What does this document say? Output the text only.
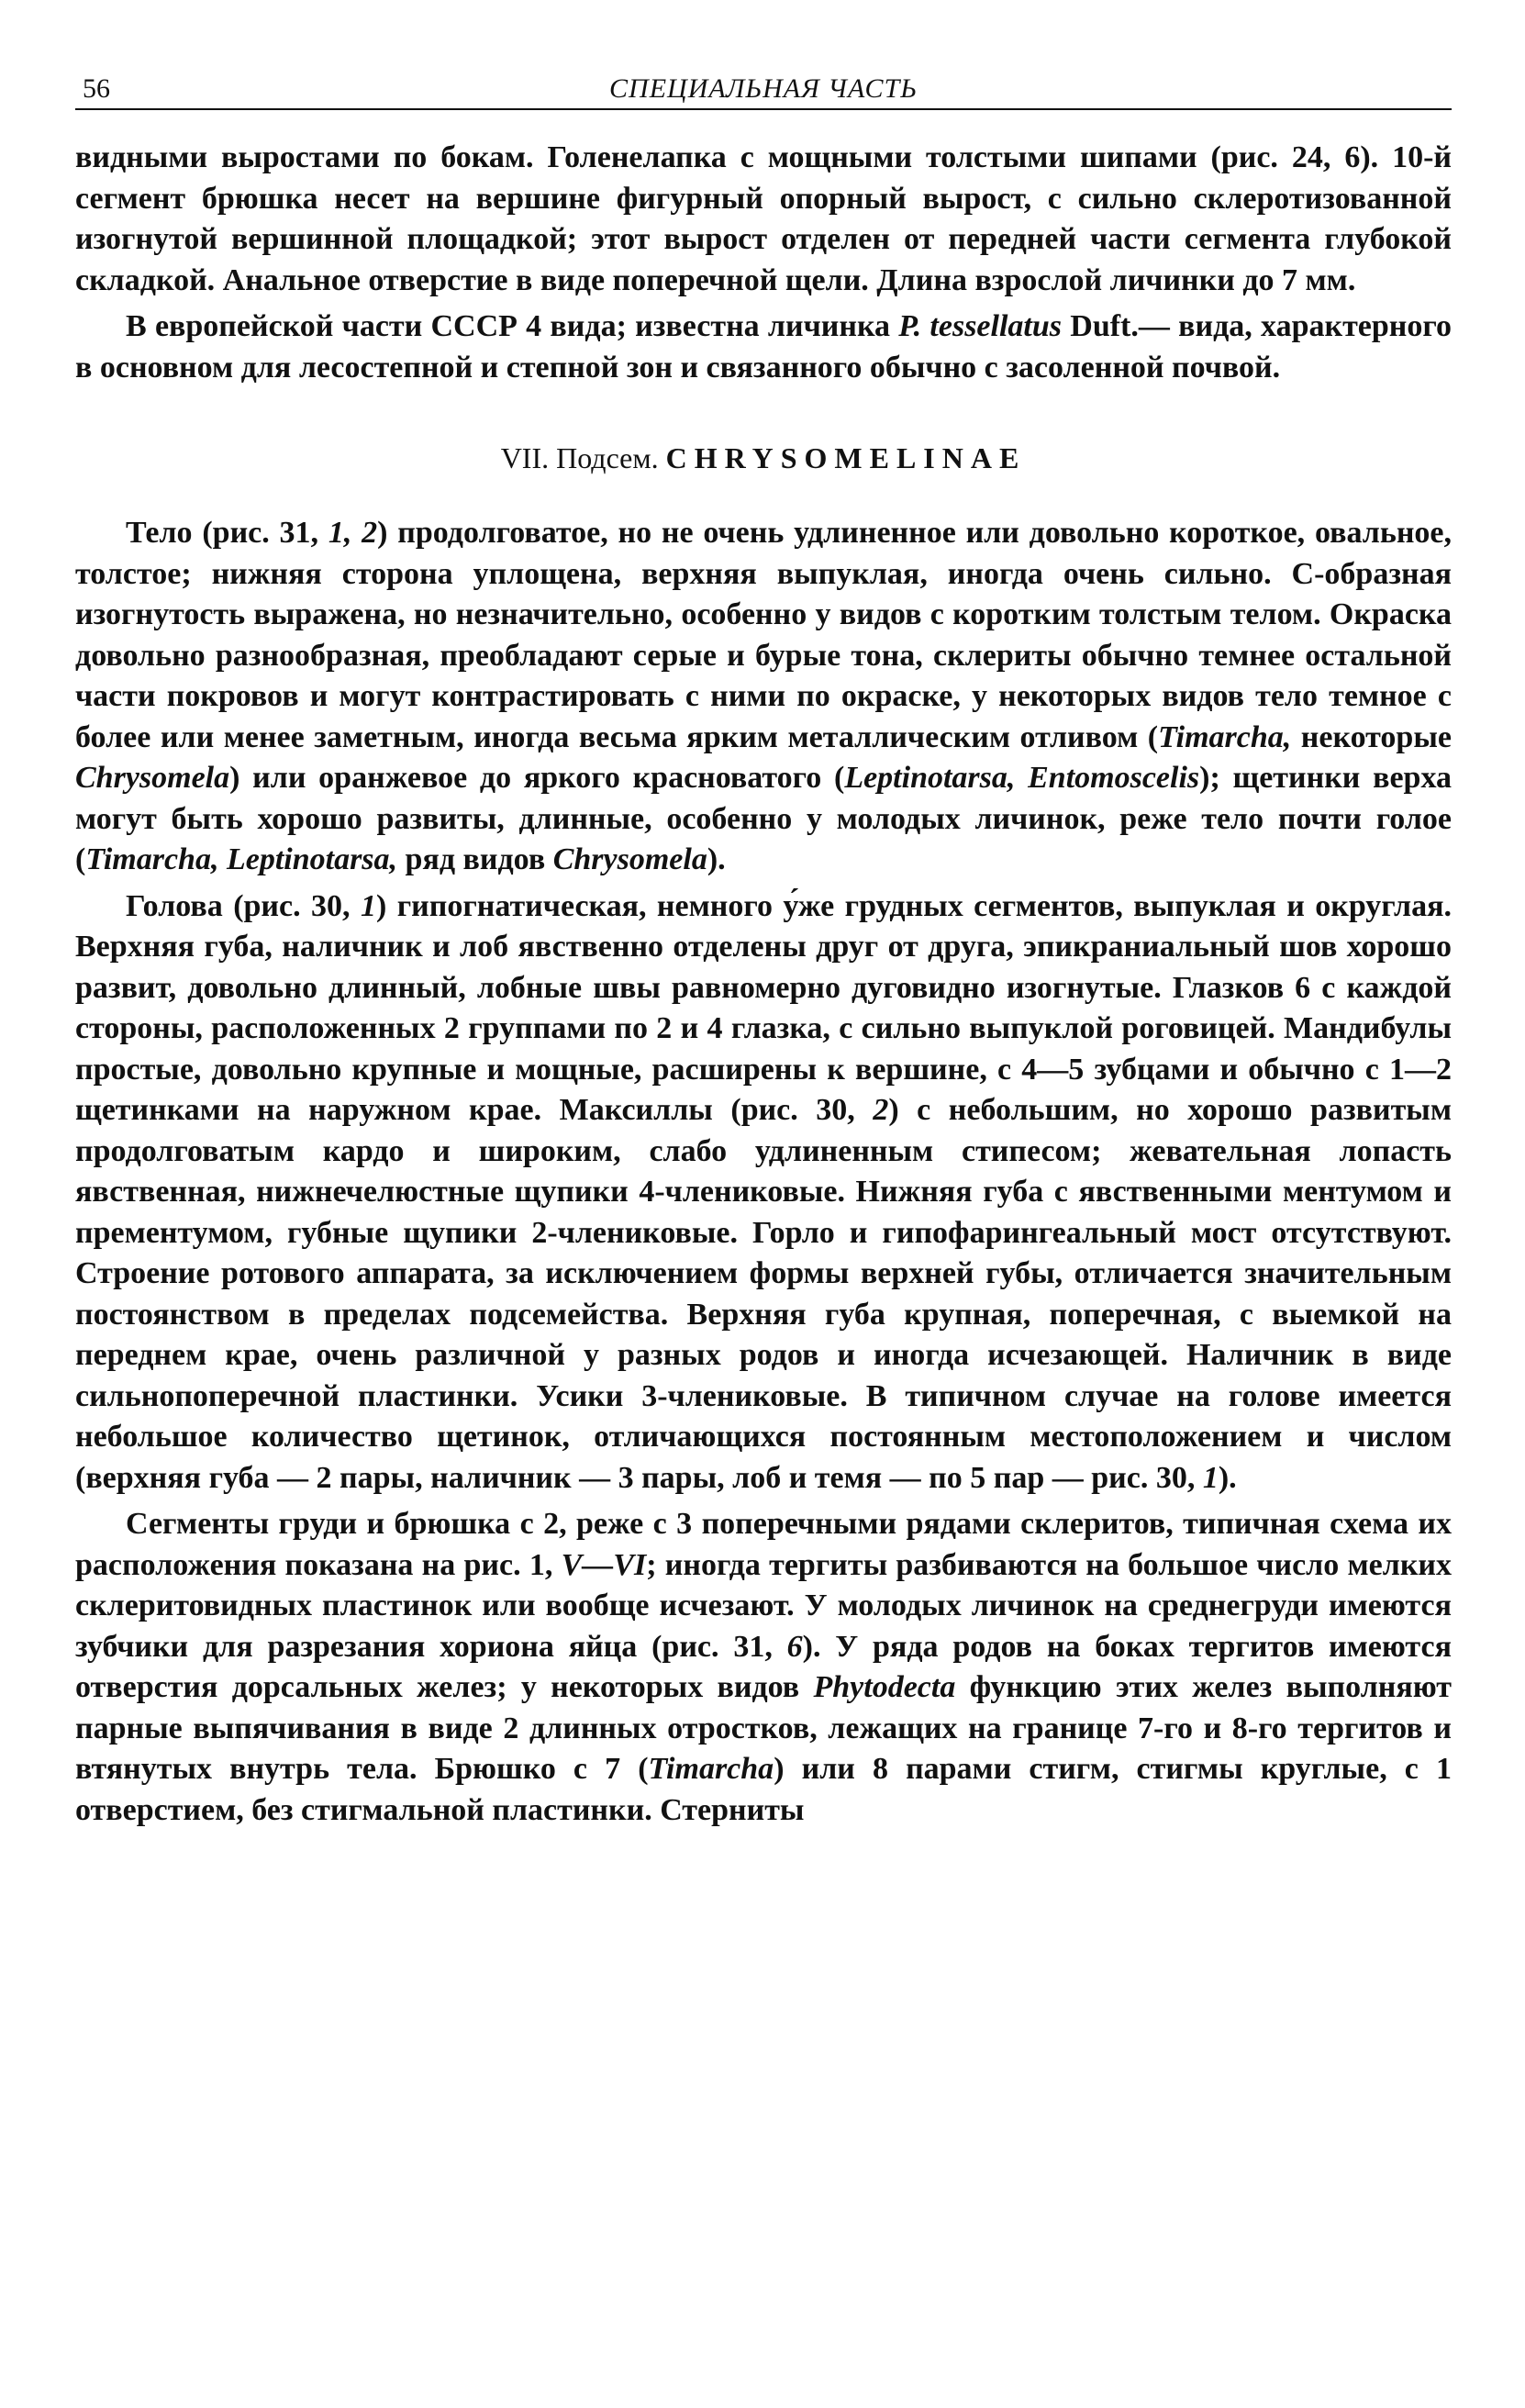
56	СПЕЦИАЛЬНАЯ ЧАСТЬ

видными выростами по бокам. Голенелапка с мощными толстыми шипами (рис. 24, 6). 10-й сегмент брюшка несет на вершине фигурный опорный вырост, с сильно склеротизованной изогнутой вершинной площадкой; этот вырост отделен от передней части сегмента глубокой складкой. Анальное отверстие в виде поперечной щели. Длина взрослой личинки до 7 мм.

В европейской части СССР 4 вида; известна личинка P. tessellatus Duft.— вида, характерного в основном для лесостепной и степной зон и связанного обычно с засоленной почвой.

VII. Подсем. CHRYSOMELINAE

Тело (рис. 31, 1, 2) продолговатое, но не очень удлиненное или довольно короткое, овальное, толстое; нижняя сторона уплощена, верхняя выпуклая, иногда очень сильно. С-образная изогнутость выражена, но незначительно, особенно у видов с коротким толстым телом. Окраска довольно разнообразная, преобладают серые и бурые тона, склериты обычно темнее остальной части покровов и могут контрастировать с ними по окраске, у некоторых видов тело темное с более или менее заметным, иногда весьма ярким металлическим отливом (Timarcha, некоторые Chrysomela) или оранжевое до яркого красноватого (Leptinotarsa, Entomoscelis); щетинки верха могут быть хорошо развиты, длинные, особенно у молодых личинок, реже тело почти голое (Timarcha, Leptinotarsa, ряд видов Chrysomela).

Голова (рис. 30, 1) гипогнатическая, немного у́же грудных сегментов, выпуклая и округлая. Верхняя губа, наличник и лоб явственно отделены друг от друга, эпикраниальный шов хорошо развит, довольно длинный, лобные швы равномерно дуговидно изогнутые. Глазков 6 с каждой стороны, расположенных 2 группами по 2 и 4 глазка, с сильно выпуклой роговицей. Мандибулы простые, довольно крупные и мощные, расширены к вершине, с 4—5 зубцами и обычно с 1—2 щетинками на наружном крае. Максиллы (рис. 30, 2) с небольшим, но хорошо развитым продолговатым кардо и широким, слабо удлиненным стипесом; жевательная лопасть явственная, нижнечелюстные щупики 4-члениковые. Нижняя губа с явственными ментумом и прементумом, губные щупики 2-члениковые. Горло и гипофарингеальный мост отсутствуют. Строение ротового аппарата, за исключением формы верхней губы, отличается значительным постоянством в пределах подсемейства. Верхняя губа крупная, поперечная, с выемкой на переднем крае, очень различной у разных родов и иногда исчезающей. Наличник в виде сильнопоперечной пластинки. Усики 3-члениковые. В типичном случае на голове имеется небольшое количество щетинок, отличающихся постоянным местоположением и числом (верхняя губа — 2 пары, наличник — 3 пары, лоб и темя — по 5 пар — рис. 30, 1).

Сегменты груди и брюшка с 2, реже с 3 поперечными рядами склеритов, типичная схема их расположения показана на рис. 1, V—VI; иногда тергиты разбиваются на большое число мелких склеритовидных пластинок или вообще исчезают. У молодых личинок на среднегруди имеются зубчики для разрезания хориона яйца (рис. 31, 6). У ряда родов на боках тергитов имеются отверстия дорсальных желез; у некоторых видов Phytodecta функцию этих желез выполняют парные выпячивания в виде 2 длинных отростков, лежащих на границе 7-го и 8-го тергитов и втянутых внутрь тела. Брюшко с 7 (Timarcha) или 8 парами стигм, стигмы круглые, с 1 отверстием, без стигмальной пластинки. Стерниты
